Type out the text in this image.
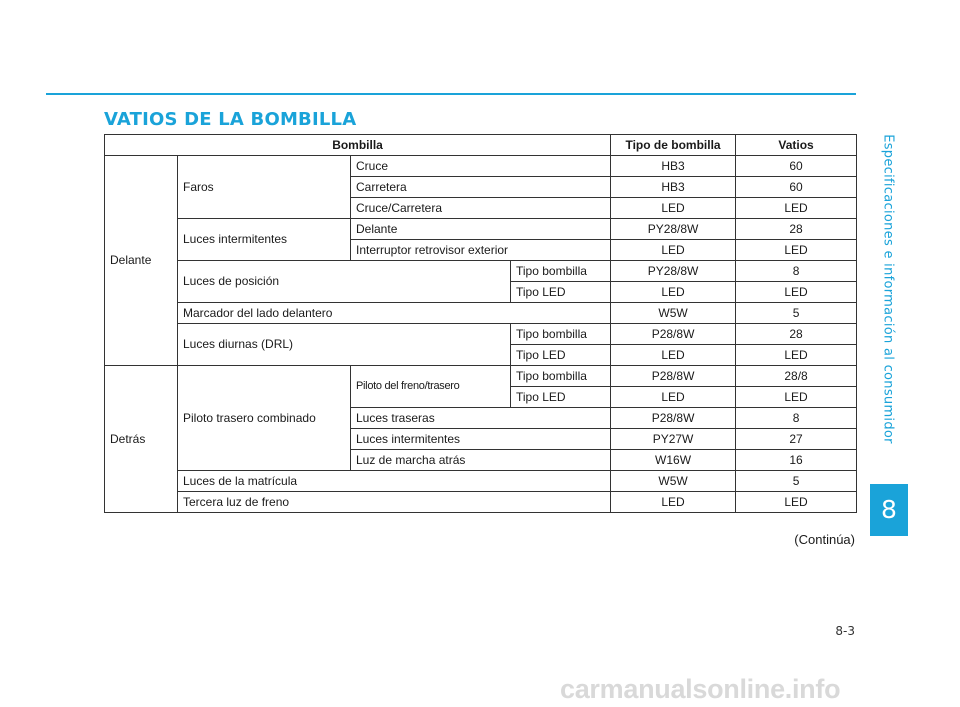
VATIOS DE LA BOMBILLA
Bombilla				Tipo de bombilla	Vatios
Delante	Faros	Cruce		HB3	60
		Carretera		HB3	60
		Cruce/Carretera		LED	LED
	Luces intermitentes	Delante		PY28/8W	28
		Interruptor retrovisor exterior		LED	LED
	Luces de posición		Tipo bombilla	PY28/8W	8
			Tipo LED	LED	LED
	Marcador del lado delantero			W5W	5
	Luces diurnas (DRL)		Tipo bombilla	P28/8W	28
			Tipo LED	LED	LED
Detrás	Piloto trasero combinado	Piloto del freno/trasero	Tipo bombilla	P28/8W	28/8
			Tipo LED	LED	LED
		Luces traseras		P28/8W	8
		Luces intermitentes		PY27W	27
		Luz de marcha atrás		W16W	16
	Luces de la matrícula			W5W	5
	Tercera luz de freno			LED	LED
(Continúa)
Especificaciones e información al consumidor
8
8-3
carmanualsonline.info
